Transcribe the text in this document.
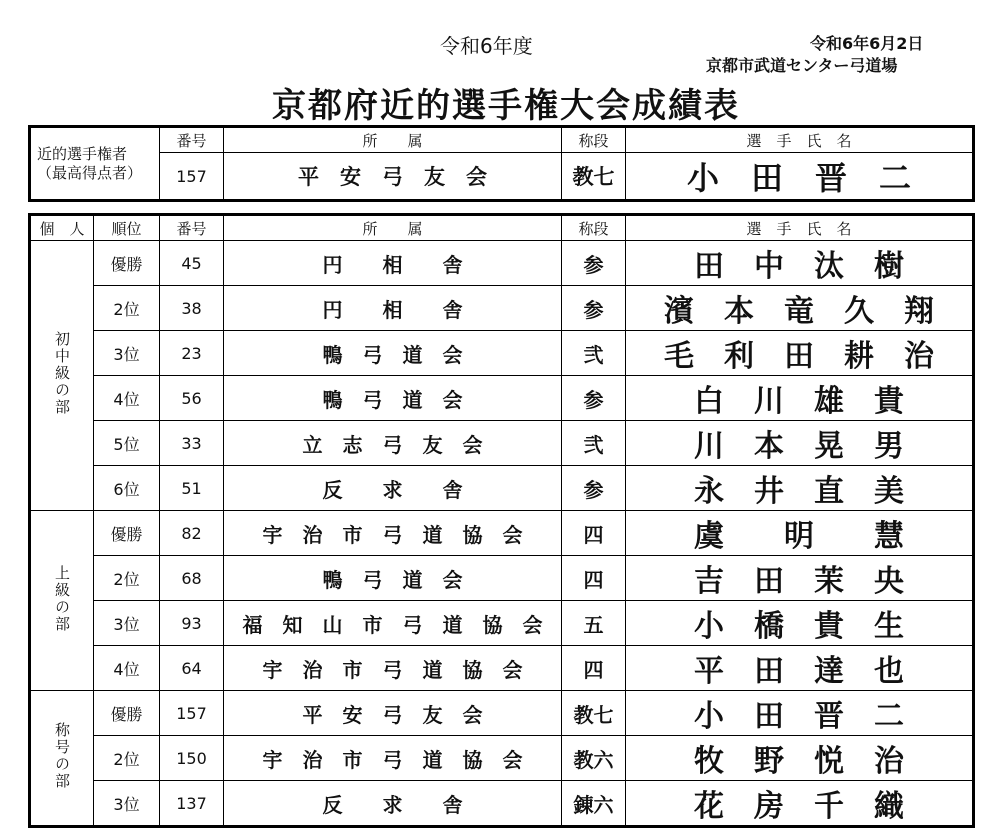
令和6年度	令和6年6月2日
京都市武道センター弓道場
京都府近的選手権大会成績表
近的選手権者
（最高得点者）	番号	所　　属	称段	選　手　氏　名
	157	平　安　弓　友　会	教七	小　田　晋　二
個　人	順位	番号	所　　属	称段	選　手　氏　名
初中級の部	優勝	45	円　　相　　舎	参	田　中　汰　樹
	2位	38	円　　相　　舎	参	濱　本　竜　久　翔
	3位	23	鴨　弓　道　会	弐	毛　利　田　耕　治
	4位	56	鴨　弓　道　会	参	白　川　雄　貴
	5位	33	立　志　弓　友　会	弐	川　本　晃　男
	6位	51	反　　求　　舎	参	永　井　直　美
上級の部	優勝	82	宇　治　市　弓　道　協　会	四	虞　　明　　慧
	2位	68	鴨　弓　道　会	四	吉　田　茉　央
	3位	93	福　知　山　市　弓　道　協　会	五	小　橋　貴　生
	4位	64	宇　治　市　弓　道　協　会	四	平　田　達　也
称号の部	優勝	157	平　安　弓　友　会	教七	小　田　晋　二
	2位	150	宇　治　市　弓　道　協　会	教六	牧　野　悦　治
	3位	137	反　　求　　舎	錬六	花　房　千　織
